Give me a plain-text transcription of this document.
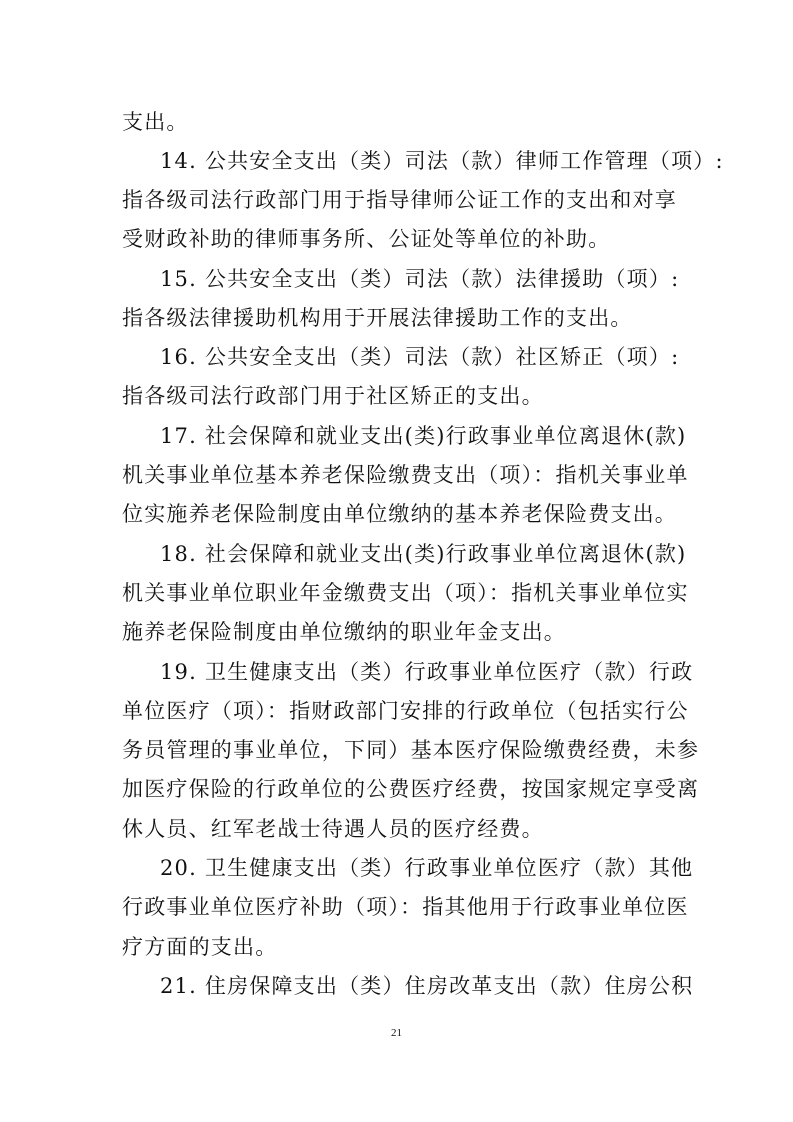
支出。
14. 公共安全支出（类）司法（款）律师工作管理（项）:
指各级司法行政部门用于指导律师公证工作的支出和对享
受财政补助的律师事务所、公证处等单位的补助。
15. 公共安全支出（类）司法（款）法律援助（项）:
指各级法律援助机构用于开展法律援助工作的支出。
16. 公共安全支出（类）司法（款）社区矫正（项）:
指各级司法行政部门用于社区矫正的支出。
17. 社会保障和就业支出(类)行政事业单位离退休(款)
机关事业单位基本养老保险缴费支出（项）：指机关事业单
位实施养老保险制度由单位缴纳的基本养老保险费支出。
18. 社会保障和就业支出(类)行政事业单位离退休(款)
机关事业单位职业年金缴费支出（项）：指机关事业单位实
施养老保险制度由单位缴纳的职业年金支出。
19. 卫生健康支出（类）行政事业单位医疗（款）行政
单位医疗（项）：指财政部门安排的行政单位（包括实行公
务员管理的事业单位，下同）基本医疗保险缴费经费，未参
加医疗保险的行政单位的公费医疗经费，按国家规定享受离
休人员、红军老战士待遇人员的医疗经费。
20. 卫生健康支出（类）行政事业单位医疗（款）其他
行政事业单位医疗补助（项）：指其他用于行政事业单位医
疗方面的支出。
21. 住房保障支出（类）住房改革支出（款）住房公积
21
